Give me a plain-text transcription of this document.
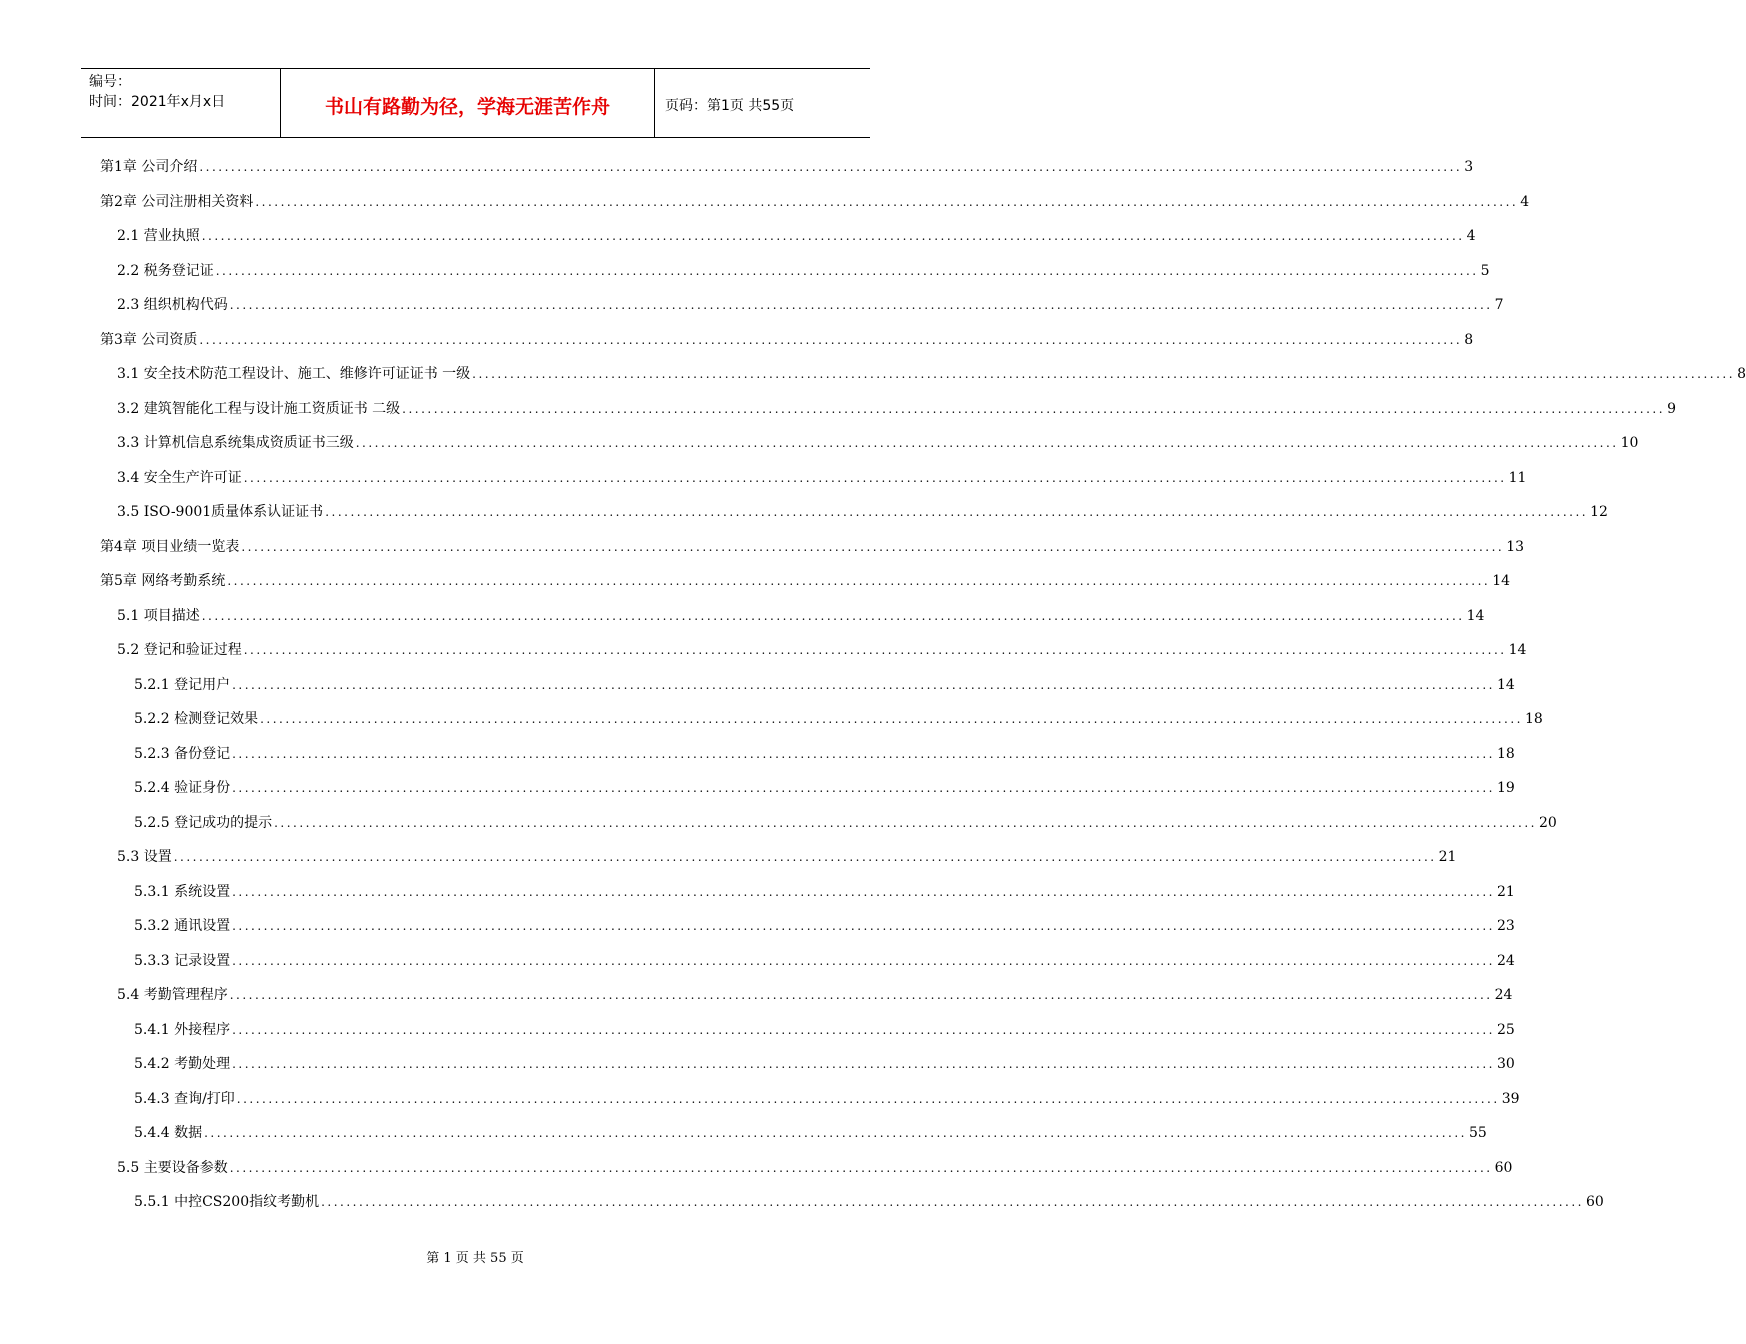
编号：
时间：2021年x月x日	书山有路勤为径，学海无涯苦作舟	页码：第1页 共55页
第1章 公司介绍 ........................................................................................................................................................................................................ 3
第2章 公司注册相关资料 ........................................................................................................................................................................................................ 4
2.1 营业执照 ........................................................................................................................................................................................................ 4
2.2 税务登记证 ........................................................................................................................................................................................................ 5
2.3 组织机构代码 ........................................................................................................................................................................................................ 7
第3章 公司资质 ........................................................................................................................................................................................................ 8
3.1 安全技术防范工程设计、施工、维修许可证证书 一级 ........................................................................................................................................................................................................ 8
3.2 建筑智能化工程与设计施工资质证书 二级 ........................................................................................................................................................................................................ 9
3.3 计算机信息系统集成资质证书三级 ........................................................................................................................................................................................................ 10
3.4 安全生产许可证 ........................................................................................................................................................................................................ 11
3.5 ISO-9001质量体系认证证书 ........................................................................................................................................................................................................ 12
第4章 项目业绩一览表 ........................................................................................................................................................................................................ 13
第5章 网络考勤系统 ........................................................................................................................................................................................................ 14
5.1 项目描述 ........................................................................................................................................................................................................ 14
5.2 登记和验证过程 ........................................................................................................................................................................................................ 14
5.2.1 登记用户 ........................................................................................................................................................................................................ 14
5.2.2 检测登记效果 ........................................................................................................................................................................................................ 18
5.2.3 备份登记 ........................................................................................................................................................................................................ 18
5.2.4 验证身份 ........................................................................................................................................................................................................ 19
5.2.5 登记成功的提示 ........................................................................................................................................................................................................ 20
5.3 设置 ........................................................................................................................................................................................................ 21
5.3.1 系统设置 ........................................................................................................................................................................................................ 21
5.3.2 通讯设置 ........................................................................................................................................................................................................ 23
5.3.3 记录设置 ........................................................................................................................................................................................................ 24
5.4 考勤管理程序 ........................................................................................................................................................................................................ 24
5.4.1 外接程序 ........................................................................................................................................................................................................ 25
5.4.2 考勤处理 ........................................................................................................................................................................................................ 30
5.4.3 查询/打印 ........................................................................................................................................................................................................ 39
5.4.4 数据 ........................................................................................................................................................................................................ 55
5.5 主要设备参数 ........................................................................................................................................................................................................ 60
5.5.1 中控CS200指纹考勤机 ........................................................................................................................................................................................................ 60
第 1 页 共 55 页
